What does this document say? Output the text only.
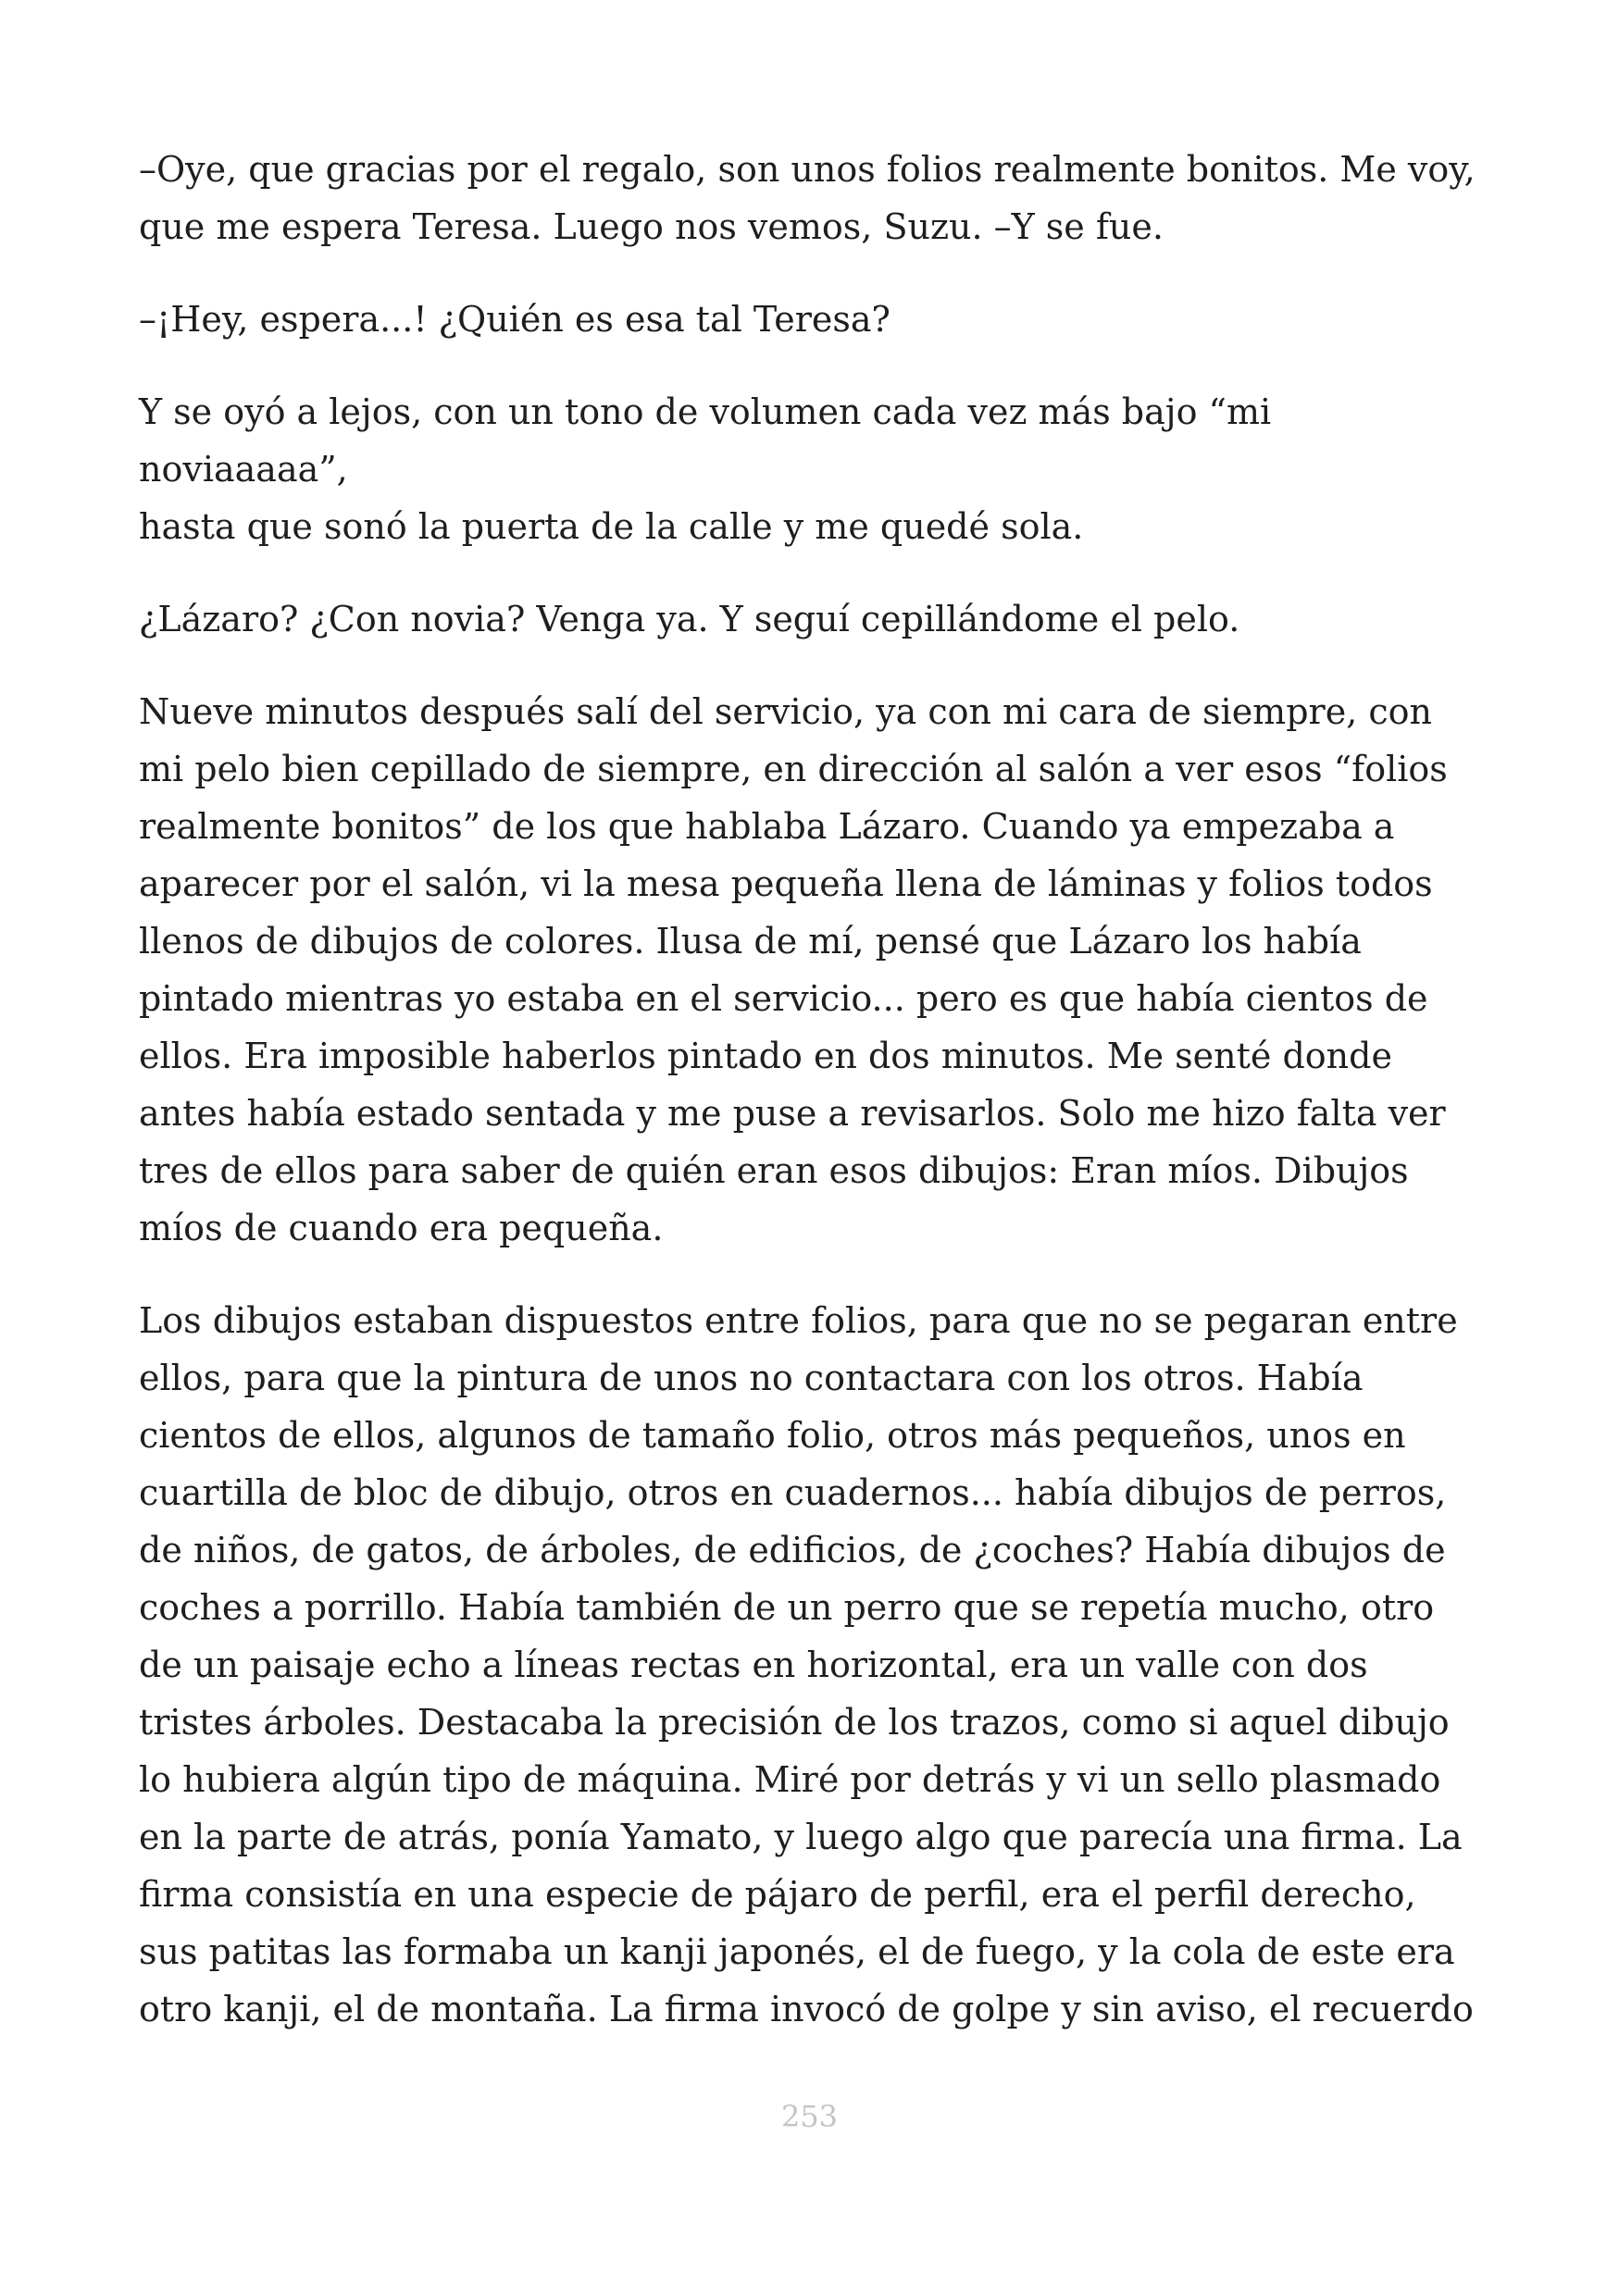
–Oye, que gracias por el regalo, son unos folios realmente bonitos. Me voy,
que me espera Teresa. Luego nos vemos, Suzu. –Y se fue.

–¡Hey, espera...! ¿Quién es esa tal Teresa?

Y se oyó a lejos, con un tono de volumen cada vez más bajo “mi noviaaaaa”,
hasta que sonó la puerta de la calle y me quedé sola.

¿Lázaro? ¿Con novia? Venga ya. Y seguí cepillándome el pelo.

Nueve minutos después salí del servicio, ya con mi cara de siempre, con
mi pelo bien cepillado de siempre, en dirección al salón a ver esos “folios
realmente bonitos” de los que hablaba Lázaro. Cuando ya empezaba a
aparecer por el salón, vi la mesa pequeña llena de láminas y folios todos
llenos de dibujos de colores. Ilusa de mí, pensé que Lázaro los había
pintado mientras yo estaba en el servicio... pero es que había cientos de
ellos. Era imposible haberlos pintado en dos minutos. Me senté donde
antes había estado sentada y me puse a revisarlos. Solo me hizo falta ver
tres de ellos para saber de quién eran esos dibujos: Eran míos. Dibujos
míos de cuando era pequeña.

Los dibujos estaban dispuestos entre folios, para que no se pegaran entre
ellos, para que la pintura de unos no contactara con los otros. Había
cientos de ellos, algunos de tamaño folio, otros más pequeños, unos en
cuartilla de bloc de dibujo, otros en cuadernos... había dibujos de perros,
de niños, de gatos, de árboles, de edificios, de ¿coches? Había dibujos de
coches a porrillo. Había también de un perro que se repetía mucho, otro
de un paisaje echo a líneas rectas en horizontal, era un valle con dos
tristes árboles. Destacaba la precisión de los trazos, como si aquel dibujo
lo hubiera algún tipo de máquina. Miré por detrás y vi un sello plasmado
en la parte de atrás, ponía Yamato, y luego algo que parecía una firma. La
firma consistía en una especie de pájaro de perfil, era el perfil derecho,
sus patitas las formaba un kanji japonés, el de fuego, y la cola de este era
otro kanji, el de montaña. La firma invocó de golpe y sin aviso, el recuerdo

253
